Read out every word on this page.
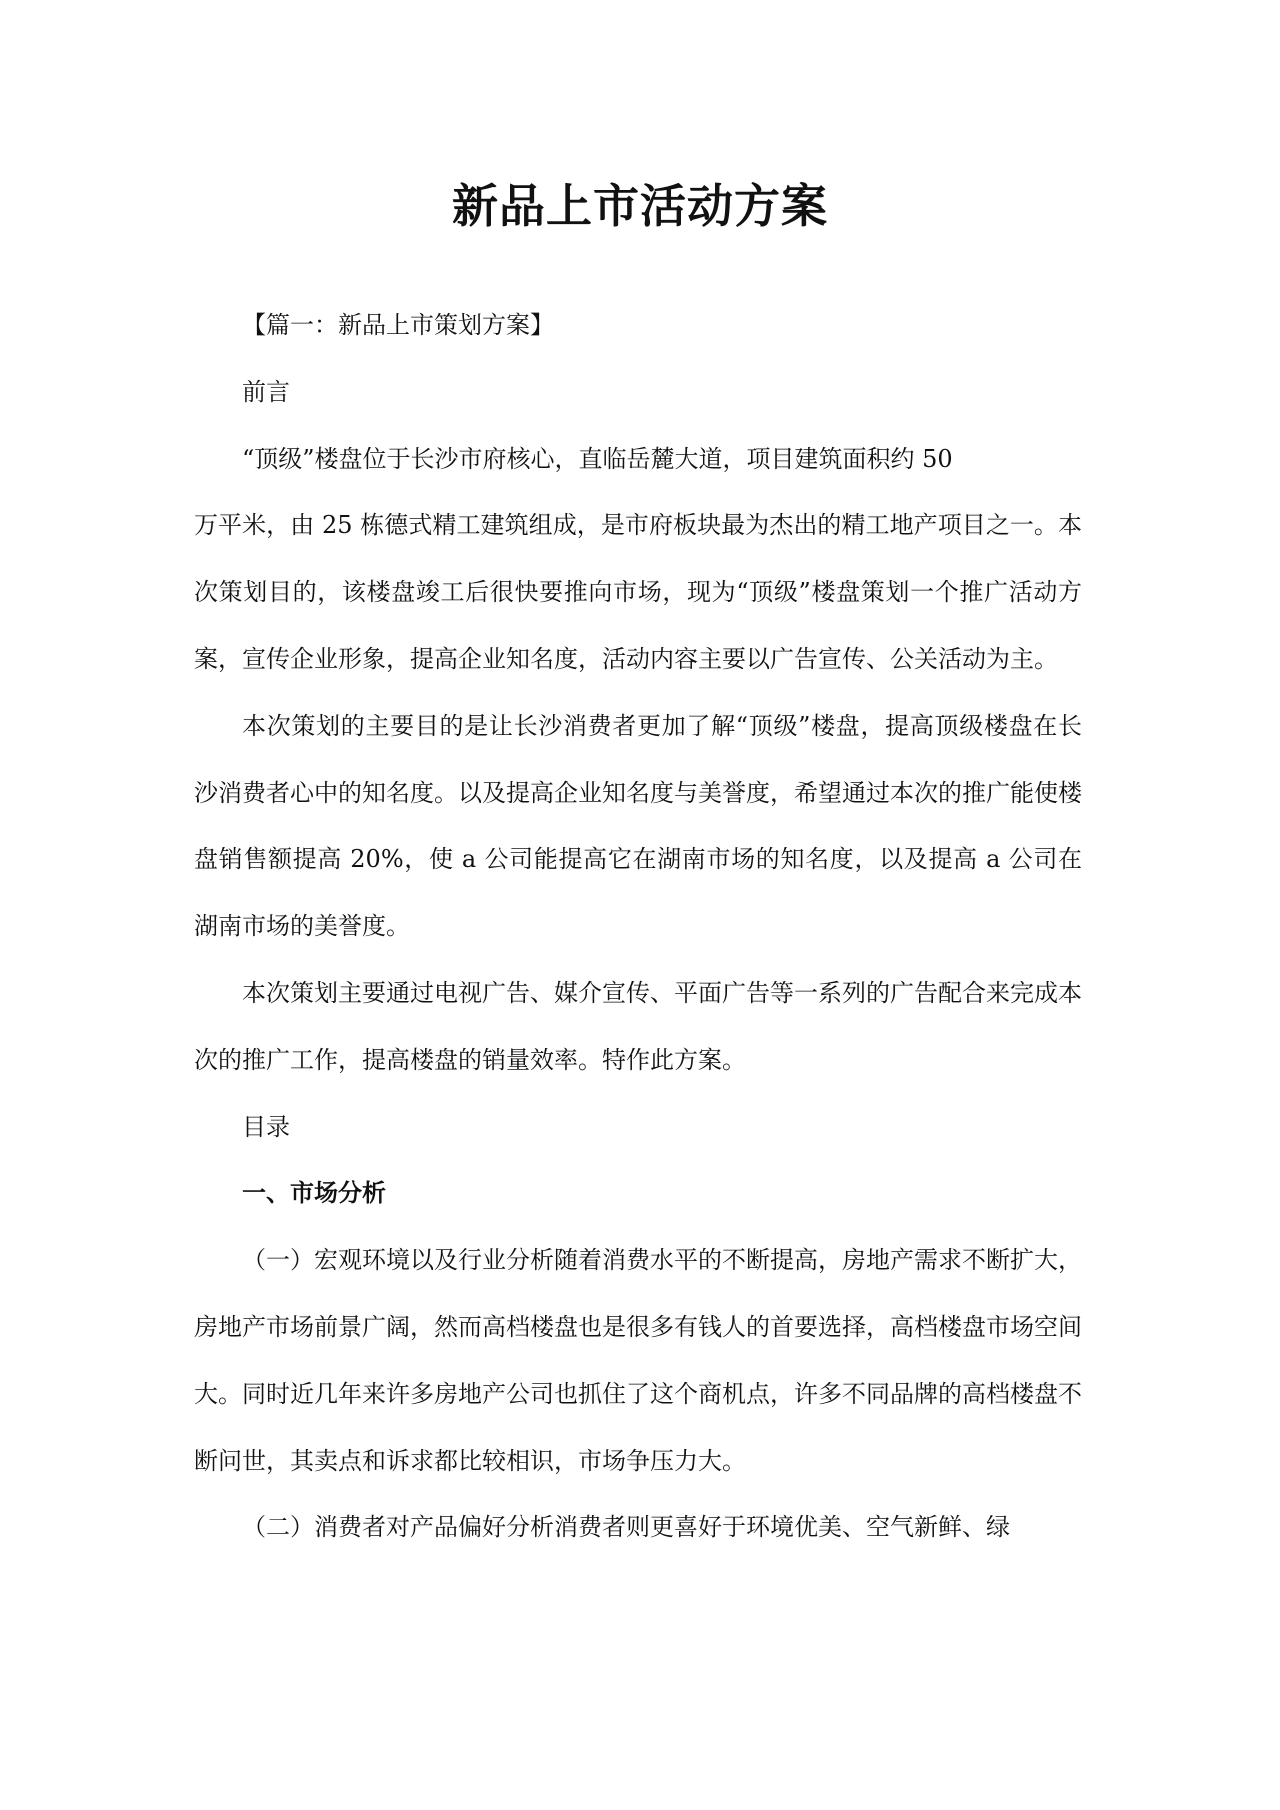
新品上市活动方案

【篇一：新品上市策划方案】

前言

“顶级”楼盘位于长沙市府核心，直临岳麓大道，项目建筑面积约 50

万平米，由 25 栋德式精工建筑组成，是市府板块最为杰出的精工地产项目之一。本次策划目的，该楼盘竣工后很快要推向市场，现为“顶级”楼盘策划一个推广活动方案，宣传企业形象，提高企业知名度，活动内容主要以广告宣传、公关活动为主。

本次策划的主要目的是让长沙消费者更加了解“顶级”楼盘，提高顶级楼盘在长沙消费者心中的知名度。以及提高企业知名度与美誉度，希望通过本次的推广能使楼盘销售额提高 20%，使 a 公司能提高它在湖南市场的知名度，以及提高 a 公司在湖南市场的美誉度。

本次策划主要通过电视广告、媒介宣传、平面广告等一系列的广告配合来完成本次的推广工作，提高楼盘的销量效率。特作此方案。

目录

一、市场分析

（一）宏观环境以及行业分析随着消费水平的不断提高，房地产需求不断扩大，房地产市场前景广阔，然而高档楼盘也是很多有钱人的首要选择，高档楼盘市场空间大。同时近几年来许多房地产公司也抓住了这个商机点，许多不同品牌的高档楼盘不断问世，其卖点和诉求都比较相识，市场争压力大。

（二）消费者对产品偏好分析消费者则更喜好于环境优美、空气新鲜、绿
